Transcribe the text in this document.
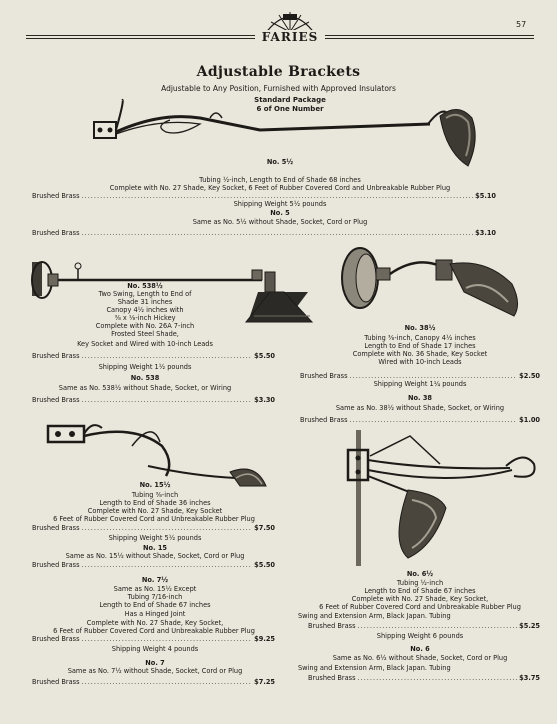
FARIES
57
Adjustable Brackets
Adjustable to Any Position, Furnished with Approved Insulators
Standard Package
6 of One Number
No. 5½
Tubing ½-inch, Length to End of Shade 68 inches
Complete with No. 27 Shade, Key Socket, 6 Feet of Rubber Covered Cord and Unbreakable Rubber Plug
Brushed Brass .....	$5.10
Shipping Weight 5½ pounds
No. 5
Same as No. 5½ without Shade, Socket, Cord or Plug
Brushed Brass .....	$3.10
No. 538½
Two Swing, Length to End of
Shade 31 inches
Canopy 4½ inches with
⅜ x ⅛-inch Hickey
Complete with No. 26A 7-inch
Frosted Steel Shade,
Key Socket and Wired with 10-inch Leads
Brushed Brass .....	$5.50
Shipping Weight 1½ pounds
No. 538
Same as No. 538½ without Shade, Socket, or Wiring
Brushed Brass .....	$3.30
No. 38½
Tubing ⅜-inch, Canopy 4½ inches
Length to End of Shade 17 inches
Complete with No. 36 Shade, Key Socket
Wired with 10-inch Leads
Brushed Brass .....	$2.50
Shipping Weight 1¼ pounds
No. 38
Same as No. 38½ without Shade, Socket, or Wiring
Brushed Brass .....	$1.00
No. 15½
Tubing ⅜-inch
Length to End of Shade 36 inches
Complete with No. 27 Shade, Key Socket
6 Feet of Rubber Covered Cord and Unbreakable Rubber Plug
Brushed Brass .....	$7.50
Shipping Weight 5½ pounds
No. 15
Same as No. 15½ without Shade, Socket, Cord or Plug
Brushed Brass .....	$5.50
No. 7½
Same as No. 15½ Except
Tubing 7/16-inch
Length to End of Shade 67 inches
Has a Hinged Joint
Complete with No. 27 Shade, Key Socket,
6 Feet of Rubber Covered Cord and Unbreakable Rubber Plug
Brushed Brass .....	$9.25
Shipping Weight 4 pounds
No. 7
Same as No. 7½ without Shade, Socket, Cord or Plug
Brushed Brass .....	$7.25
No. 6½
Tubing ½-inch
Length to End of Shade 67 inches
Complete with No. 27 Shade, Key Socket,
6 Feet of Rubber Covered Cord and Unbreakable Rubber Plug
Swing and Extension Arm, Black Japan. Tubing
Brushed Brass .....	$5.25
Shipping Weight 6 pounds
No. 6
Same as No. 6½ without Shade, Socket, Cord or Plug
Swing and Extension Arm, Black Japan. Tubing
Brushed Brass .....	$3.75
